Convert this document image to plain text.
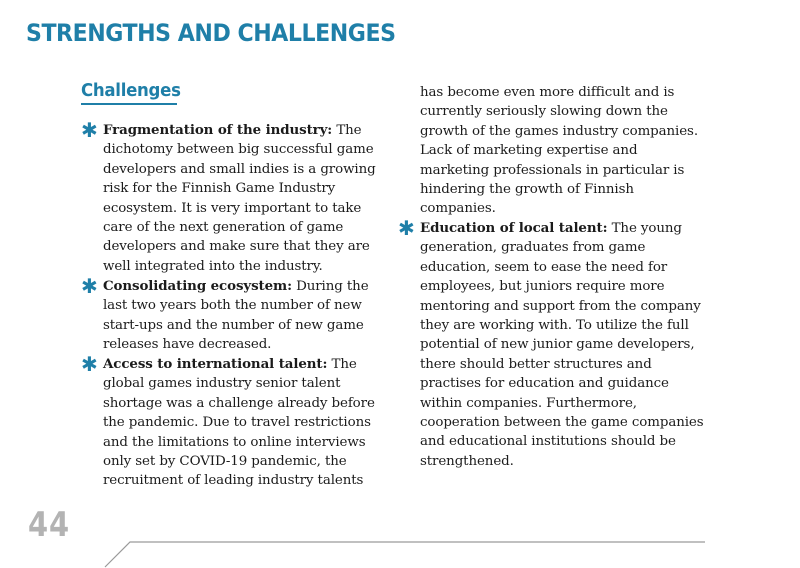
STRENGTHS AND CHALLENGES
Challenges
✱ Fragmentation of the industry: The dichotomy between big successful game developers and small indies is a growing risk for the Finnish Game Industry ecosystem. It is very important to take care of the next generation of game developers and make sure that they are well integrated into the industry.
✱ Consolidating ecosystem: During the last two years both the number of new start-ups and the number of new game releases have decreased.
✱ Access to international talent: The global games industry senior talent shortage was a challenge already before the pandemic. Due to travel restrictions and the limitations to online interviews only set by COVID-19 pandemic, the recruitment of leading industry talents
has become even more difficult and is currently seriously slowing down the growth of the games industry companies. Lack of marketing expertise and marketing professionals in particular is hindering the growth of Finnish companies.
✱ Education of local talent: The young generation, graduates from game education, seem to ease the need for employees, but juniors require more mentoring and support from the company they are working with. To utilize the full potential of new junior game developers, there should better structures and practises for education and guidance within companies. Furthermore, cooperation between the game companies and educational institutions should be strengthened.
44
